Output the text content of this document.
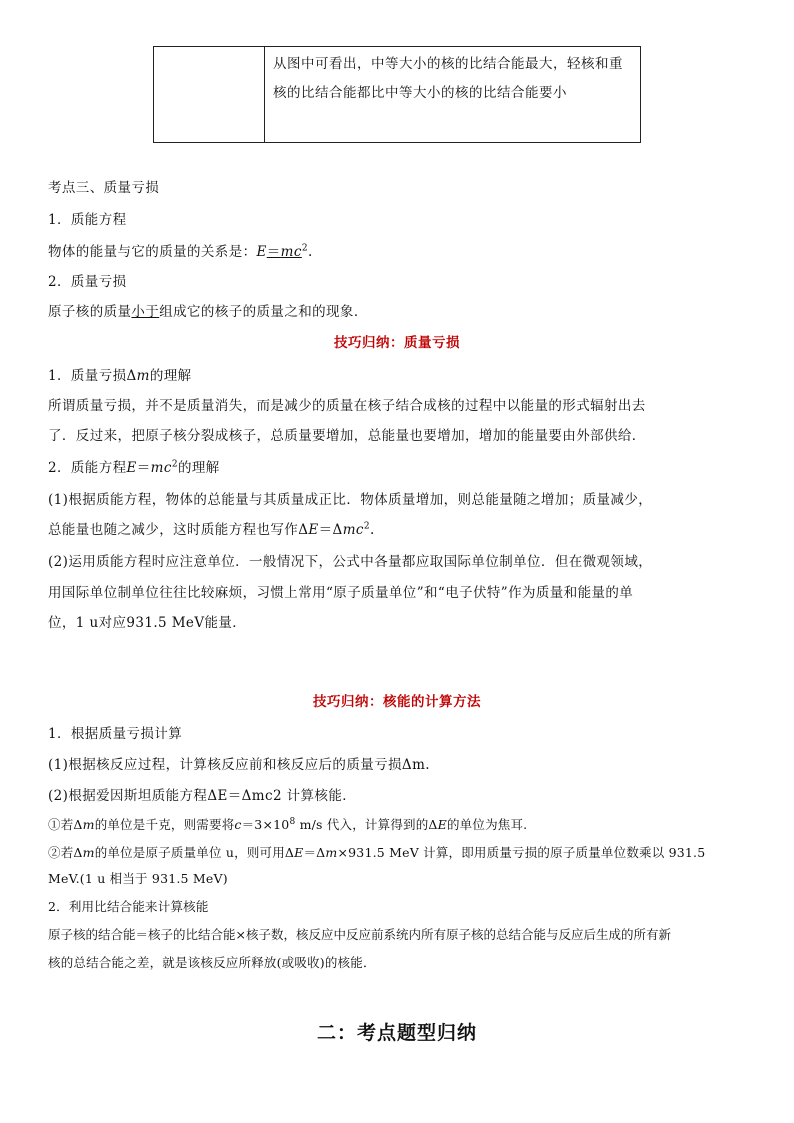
	从图中可看出，中等大小的核的比结合能最大，轻核和重核的比结合能都比中等大小的核的比结合能要小
考点三、质量亏损
1．质能方程
物体的能量与它的质量的关系是：$E=mc^2$.
2．质量亏损
原子核的质量小于组成它的核子的质量之和的现象．
技巧归纳：质量亏损
1．质量亏损Δm的理解
所谓质量亏损，并不是质量消失，而是减少的质量在核子结合成核的过程中以能量的形式辐射出去
了．反过来，把原子核分裂成核子，总质量要增加，总能量也要增加，增加的能量要由外部供给．
2．质能方程$E=mc^2$的理解
(1)根据质能方程，物体的总能量与其质量成正比．物体质量增加，则总能量随之增加；质量减少，
总能量也随之减少，这时质能方程也写作ΔE＝Δmc$^2$.
(2)运用质能方程时应注意单位．一般情况下，公式中各量都应取国际单位制单位．但在微观领域，
用国际单位制单位往往比较麻烦，习惯上常用“原子质量单位”和“电子伏特”作为质量和能量的单
位，1 u对应931.5 MeV能量．
技巧归纳：核能的计算方法
1．根据质量亏损计算
(1)根据核反应过程，计算核反应前和核反应后的质量亏损Δm.
(2)根据爱因斯坦质能方程ΔE＝Δmc2 计算核能．
①若Δm的单位是千克，则需要将$c=3\times 10^8$ m/s 代入，计算得到的ΔE的单位为焦耳.
②若Δm的单位是原子质量单位 u，则可用ΔE＝Δm×931.5 MeV 计算，即用质量亏损的原子质量单位数乘以 931.5
MeV.(1 u 相当于 931.5 MeV)
2．利用比结合能来计算核能
原子核的结合能＝核子的比结合能×核子数，核反应中反应前系统内所有原子核的总结合能与反应后生成的所有新
核的总结合能之差，就是该核反应所释放(或吸收)的核能．
二：考点题型归纳
